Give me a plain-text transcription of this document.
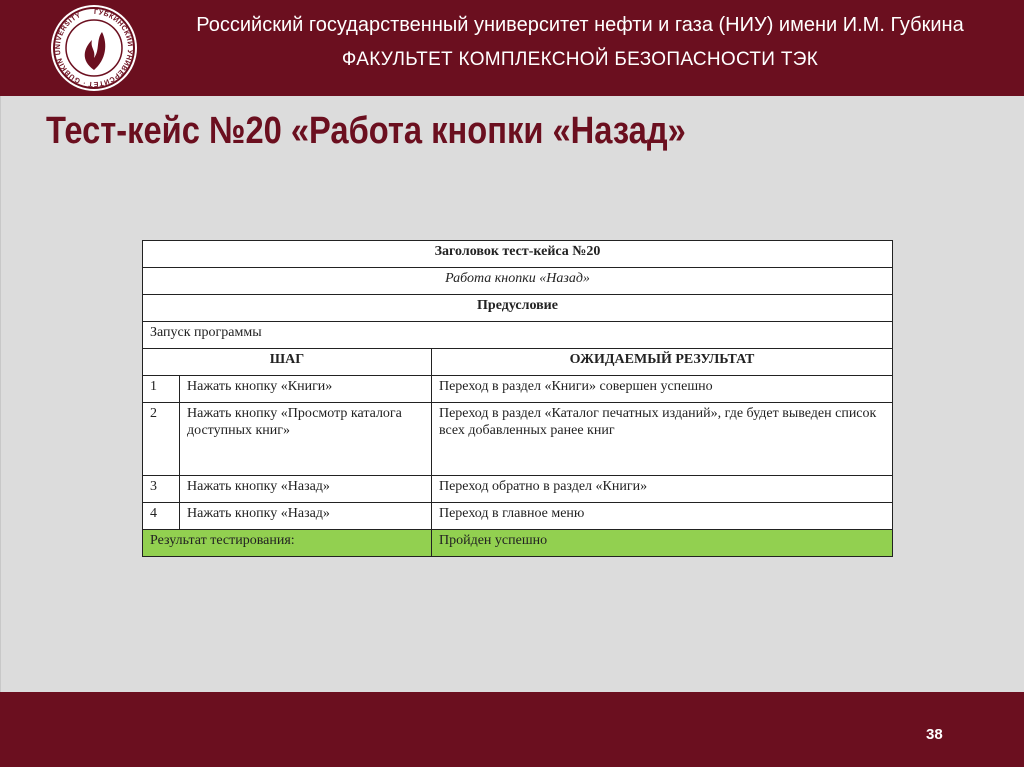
ГУБКИНСКИЙ УНИВЕРСИТЕТ · GUBKIN UNIVERSITY	Российский государственный университет нефти и газа (НИУ) имени И.М. Губкина
ФАКУЛЬТЕТ КОМПЛЕКСНОЙ БЕЗОПАСНОСТИ ТЭК
Тест-кейс №20 «Работа кнопки «Назад»
Заголовок тест-кейса №20		
Работа кнопки «Назад»		
Предусловие		
Запуск программы		
ШАГ		ОЖИДАЕМЫЙ РЕЗУЛЬТАТ
1	Нажать кнопку «Книги»	Переход в раздел «Книги» совершен успешно
2	Нажать кнопку «Просмотр каталога доступных книг»	Переход в раздел «Каталог печатных изданий», где будет выведен список всех добавленных ранее книг
3	Нажать кнопку «Назад»	Переход обратно в раздел «Книги»
4	Нажать кнопку «Назад»	Переход в главное меню
Результат тестирования:		Пройден успешно
38
